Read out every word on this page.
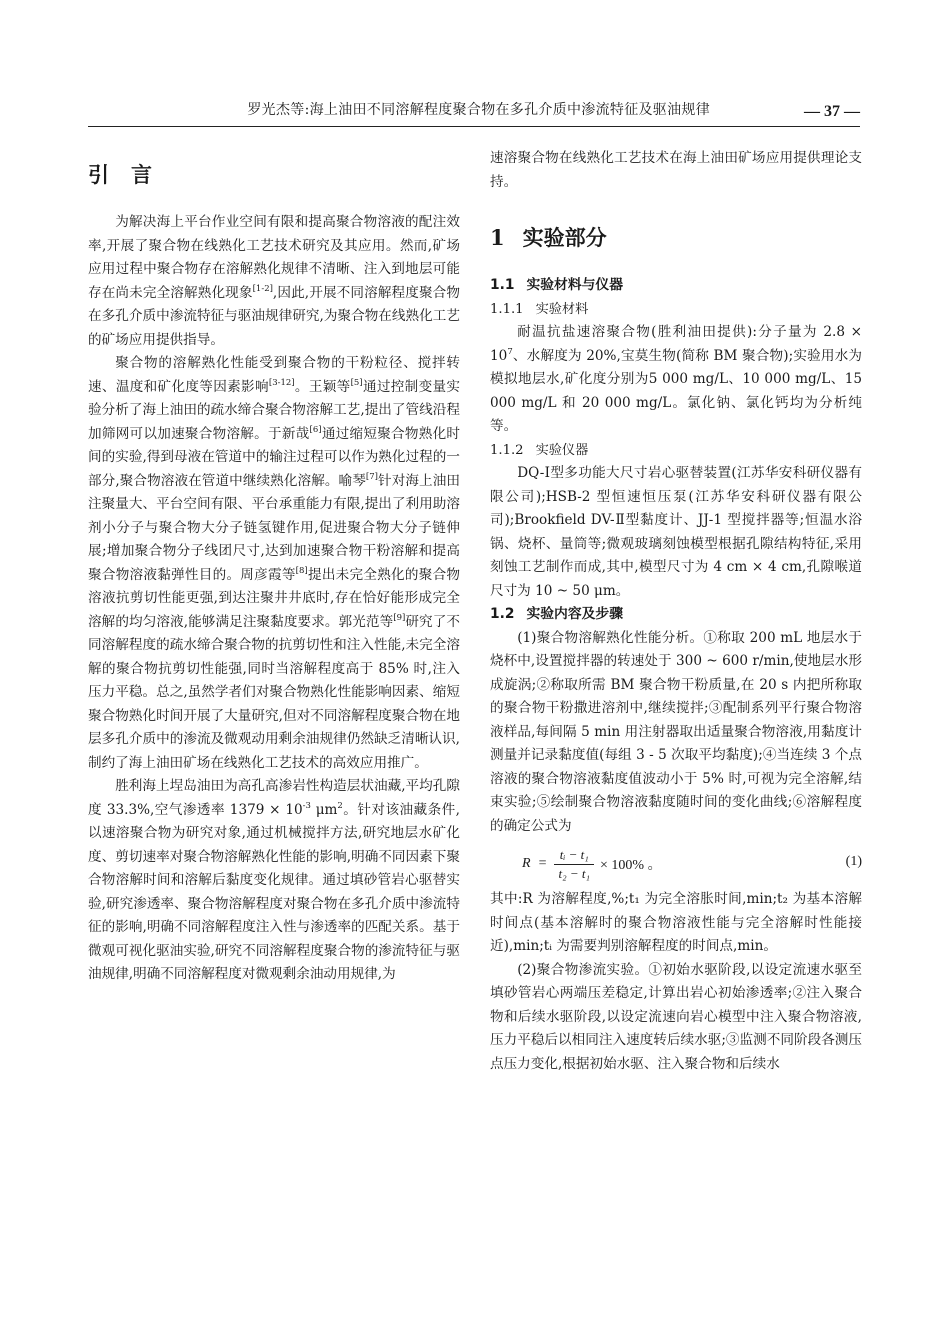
罗光杰等:海上油田不同溶解程度聚合物在多孔介质中渗流特征及驱油规律	— 37 —
引言

为解决海上平台作业空间有限和提高聚合物溶液的配注效率,开展了聚合物在线熟化工艺技术研究及其应用。然而,矿场应用过程中聚合物存在溶解熟化规律不清晰、注入到地层可能存在尚未完全溶解熟化现象[1-2],因此,开展不同溶解程度聚合物在多孔介质中渗流特征与驱油规律研究,为聚合物在线熟化工艺的矿场应用提供指导。

聚合物的溶解熟化性能受到聚合物的干粉粒径、搅拌转速、温度和矿化度等因素影响[3-12]。王颖等[5]通过控制变量实验分析了海上油田的疏水缔合聚合物溶解工艺,提出了管线沿程加筛网可以加速聚合物溶解。于新哉[6]通过缩短聚合物熟化时间的实验,得到母液在管道中的输注过程可以作为熟化过程的一部分,聚合物溶液在管道中继续熟化溶解。喻琴[7]针对海上油田注聚量大、平台空间有限、平台承重能力有限,提出了利用助溶剂小分子与聚合物大分子链氢键作用,促进聚合物大分子链伸展;增加聚合物分子线团尺寸,达到加速聚合物干粉溶解和提高聚合物溶液黏弹性目的。周彦霞等[8]提出未完全熟化的聚合物溶液抗剪切性能更强,到达注聚井井底时,存在恰好能形成完全溶解的均匀溶液,能够满足注聚黏度要求。郭光范等[9]研究了不同溶解程度的疏水缔合聚合物的抗剪切性和注入性能,未完全溶解的聚合物抗剪切性能强,同时当溶解程度高于 85% 时,注入压力平稳。总之,虽然学者们对聚合物熟化性能影响因素、缩短聚合物熟化时间开展了大量研究,但对不同溶解程度聚合物在地层多孔介质中的渗流及微观动用剩余油规律仍然缺乏清晰认识,制约了海上油田矿场在线熟化工艺技术的高效应用推广。

胜利海上埕岛油田为高孔高渗岩性构造层状油藏,平均孔隙度 33.3%,空气渗透率 $1379 \times 10^{-3}$ $\mu m^2$。针对该油藏条件,以速溶聚合物为研究对象,通过机械搅拌方法,研究地层水矿化度、剪切速率对聚合物溶解熟化性能的影响,明确不同因素下聚合物溶解时间和溶解后黏度变化规律。通过填砂管岩心驱替实验,研究渗透率、聚合物溶解程度对聚合物在多孔介质中渗流特征的影响,明确不同溶解程度注入性与渗透率的匹配关系。基于微观可视化驱油实验,研究不同溶解程度聚合物的渗流特征与驱油规律,明确不同溶解程度对微观剩余油动用规律,为

速溶聚合物在线熟化工艺技术在海上油田矿场应用提供理论支持。

1 实验部分
1.1 实验材料与仪器
1.1.1 实验材料

耐温抗盐速溶聚合物(胜利油田提供):分子量为 $2.8 \times 10^7$、水解度为 20%,宝莫生物(简称 BM 聚合物);实验用水为模拟地层水,矿化度分别为5 000 mg/L、10 000 mg/L、15 000 mg/L 和 20 000 mg/L。氯化钠、氯化钙均为分析纯等。

1.1.2 实验仪器

DQ-Ⅰ型多功能大尺寸岩心驱替装置(江苏华安科研仪器有限公司);HSB-2 型恒速恒压泵(江苏华安科研仪器有限公司);Brookfield DV-Ⅱ型黏度计、JJ-1 型搅拌器等;恒温水浴锅、烧杯、量筒等;微观玻璃刻蚀模型根据孔隙结构特征,采用刻蚀工艺制作而成,其中,模型尺寸为 4 cm × 4 cm,孔隙喉道尺寸为 10 ~ 50 μm。

1.2 实验内容及步骤

(1)聚合物溶解熟化性能分析。①称取 200 mL 地层水于烧杯中,设置搅拌器的转速处于 300 ~ 600 r/min,使地层水形成旋涡;②称取所需 BM 聚合物干粉质量,在 20 s 内把所称取的聚合物干粉撒进溶剂中,继续搅拌;③配制系列平行聚合物溶液样品,每间隔 5 min 用注射器取出适量聚合物溶液,用黏度计测量并记录黏度值(每组 3 - 5 次取平均黏度);④当连续 3 个点溶液的聚合物溶液黏度值波动小于 5% 时,可视为完全溶解,结束实验;⑤绘制聚合物溶液黏度随时间的变化曲线;⑥溶解程度的确定公式为

$R = \frac{\text{tᵢ − t₁}}{\text{t₂ − t₁}} \times 100\%$ 。	(1)

其中:R 为溶解程度,%;t₁ 为完全溶胀时间,min;t₂ 为基本溶解时间点(基本溶解时的聚合物溶液性能与完全溶解时性能接近),min;tᵢ 为需要判别溶解程度的时间点,min。

(2)聚合物渗流实验。①初始水驱阶段,以设定流速水驱至填砂管岩心两端压差稳定,计算出岩心初始渗透率;②注入聚合物和后续水驱阶段,以设定流速向岩心模型中注入聚合物溶液,压力平稳后以相同注入速度转后续水驱;③监测不同阶段各测压点压力变化,根据初始水驱、注入聚合物和后续水
